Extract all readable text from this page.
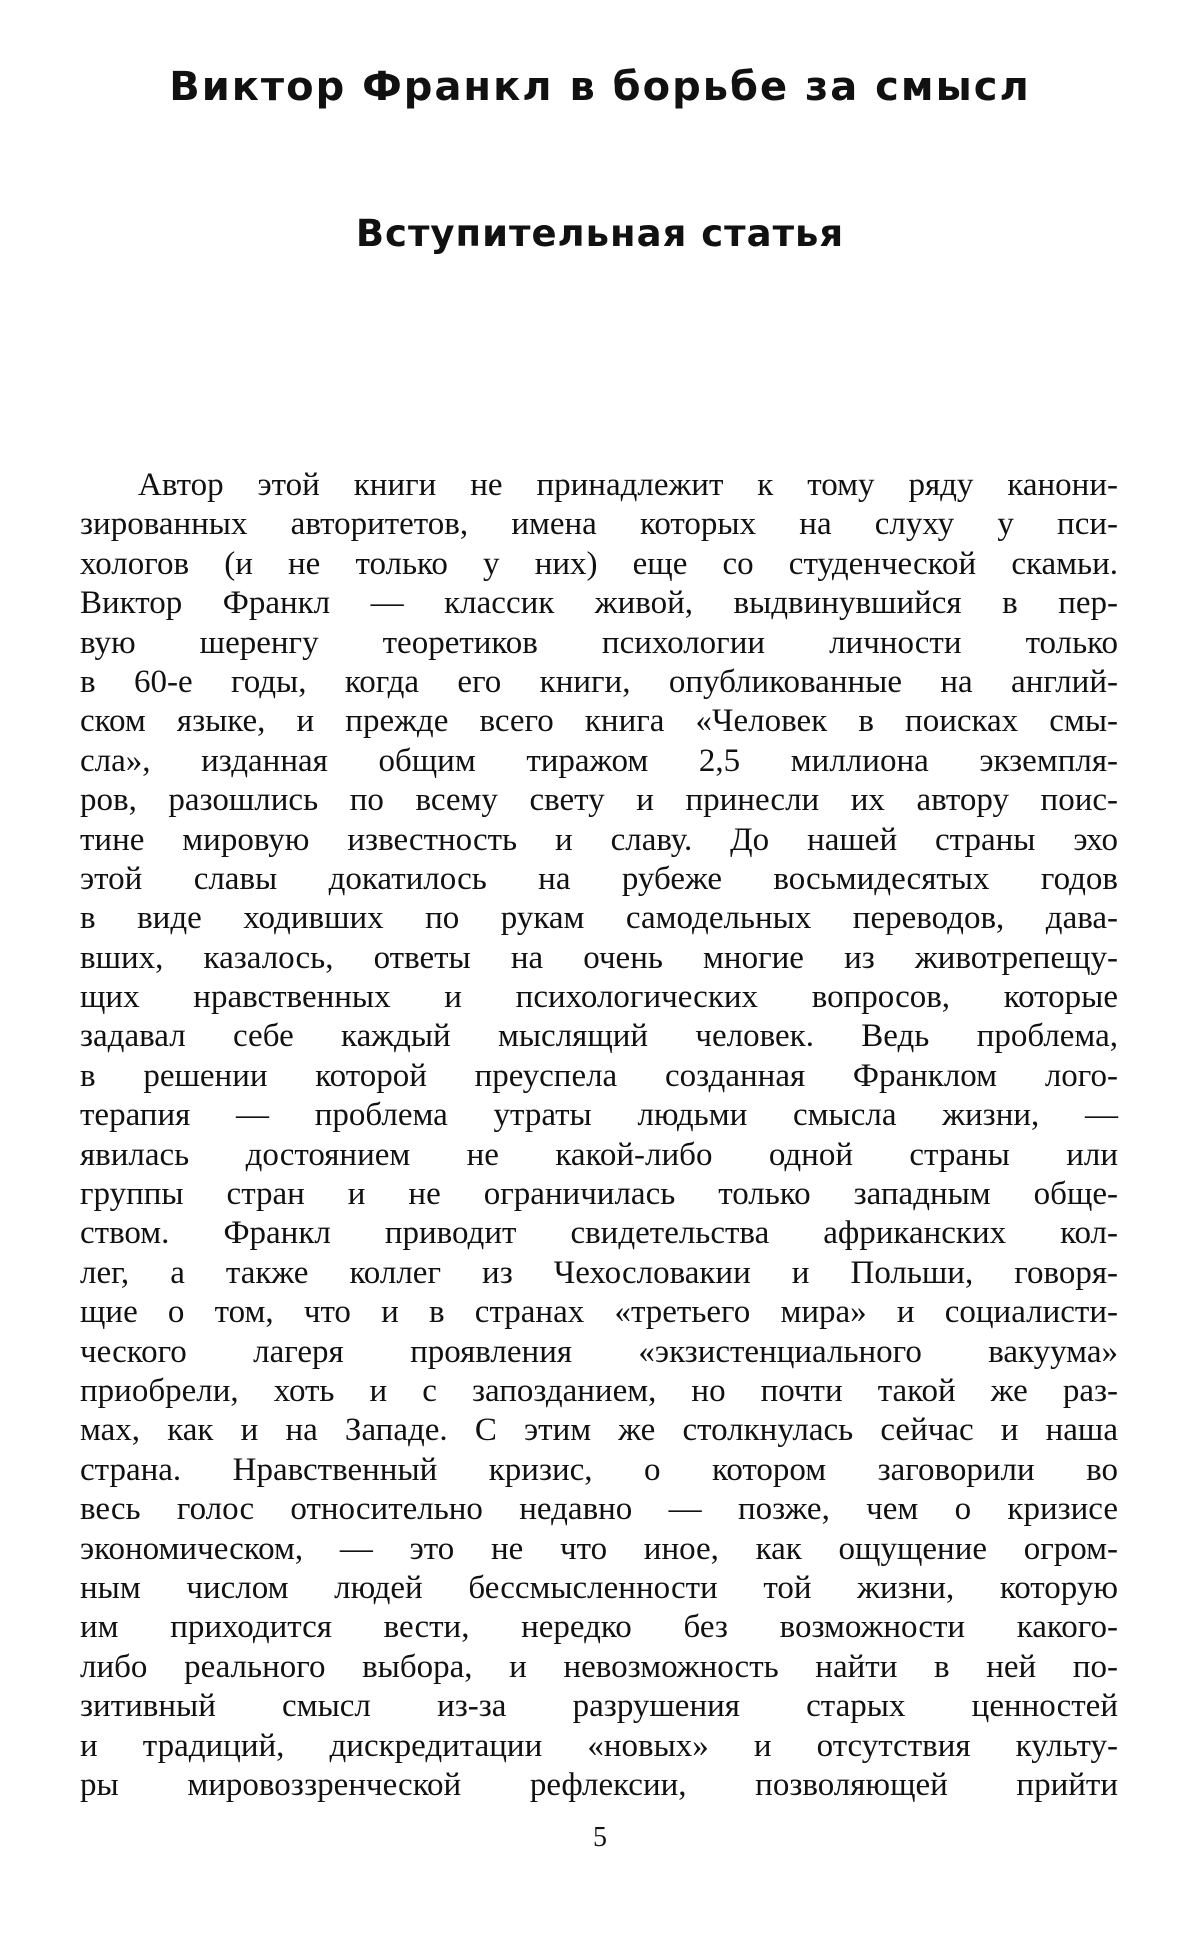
Виктор Франкл в борьбе за смысл
Вступительная статья
Автор этой книги не принадлежит к тому ряду канони-
зированных авторитетов, имена которых на слуху у пси-
хологов (и не только у них) еще со студенческой скамьи.
Виктор Франкл — классик живой, выдвинувшийся в пер-
вую шеренгу теоретиков психологии личности только
в 60-е годы, когда его книги, опубликованные на англий-
ском языке, и прежде всего книга «Человек в поисках смы-
сла», изданная общим тиражом 2,5 миллиона экземпля-
ров, разошлись по всему свету и принесли их автору поис-
тине мировую известность и славу. До нашей страны эхо
этой славы докатилось на рубеже восьмидесятых годов
в виде ходивших по рукам самодельных переводов, дава-
вших, казалось, ответы на очень многие из животрепещу-
щих нравственных и психологических вопросов, которые
задавал себе каждый мыслящий человек. Ведь проблема,
в решении которой преуспела созданная Франклом лого-
терапия — проблема утраты людьми смысла жизни, —
явилась достоянием не какой-либо одной страны или
группы стран и не ограничилась только западным обще-
ством. Франкл приводит свидетельства африканских кол-
лег, а также коллег из Чехословакии и Польши, говоря-
щие о том, что и в странах «третьего мира» и социалисти-
ческого лагеря проявления «экзистенциального вакуума»
приобрели, хоть и с запозданием, но почти такой же раз-
мах, как и на Западе. С этим же столкнулась сейчас и наша
страна. Нравственный кризис, о котором заговорили во
весь голос относительно недавно — позже, чем о кризисе
экономическом, — это не что иное, как ощущение огром-
ным числом людей бессмысленности той жизни, которую
им приходится вести, нередко без возможности какого-
либо реального выбора, и невозможность найти в ней по-
зитивный смысл из-за разрушения старых ценностей
и традиций, дискредитации «новых» и отсутствия культу-
ры мировоззренческой рефлексии, позволяющей прийти
5
